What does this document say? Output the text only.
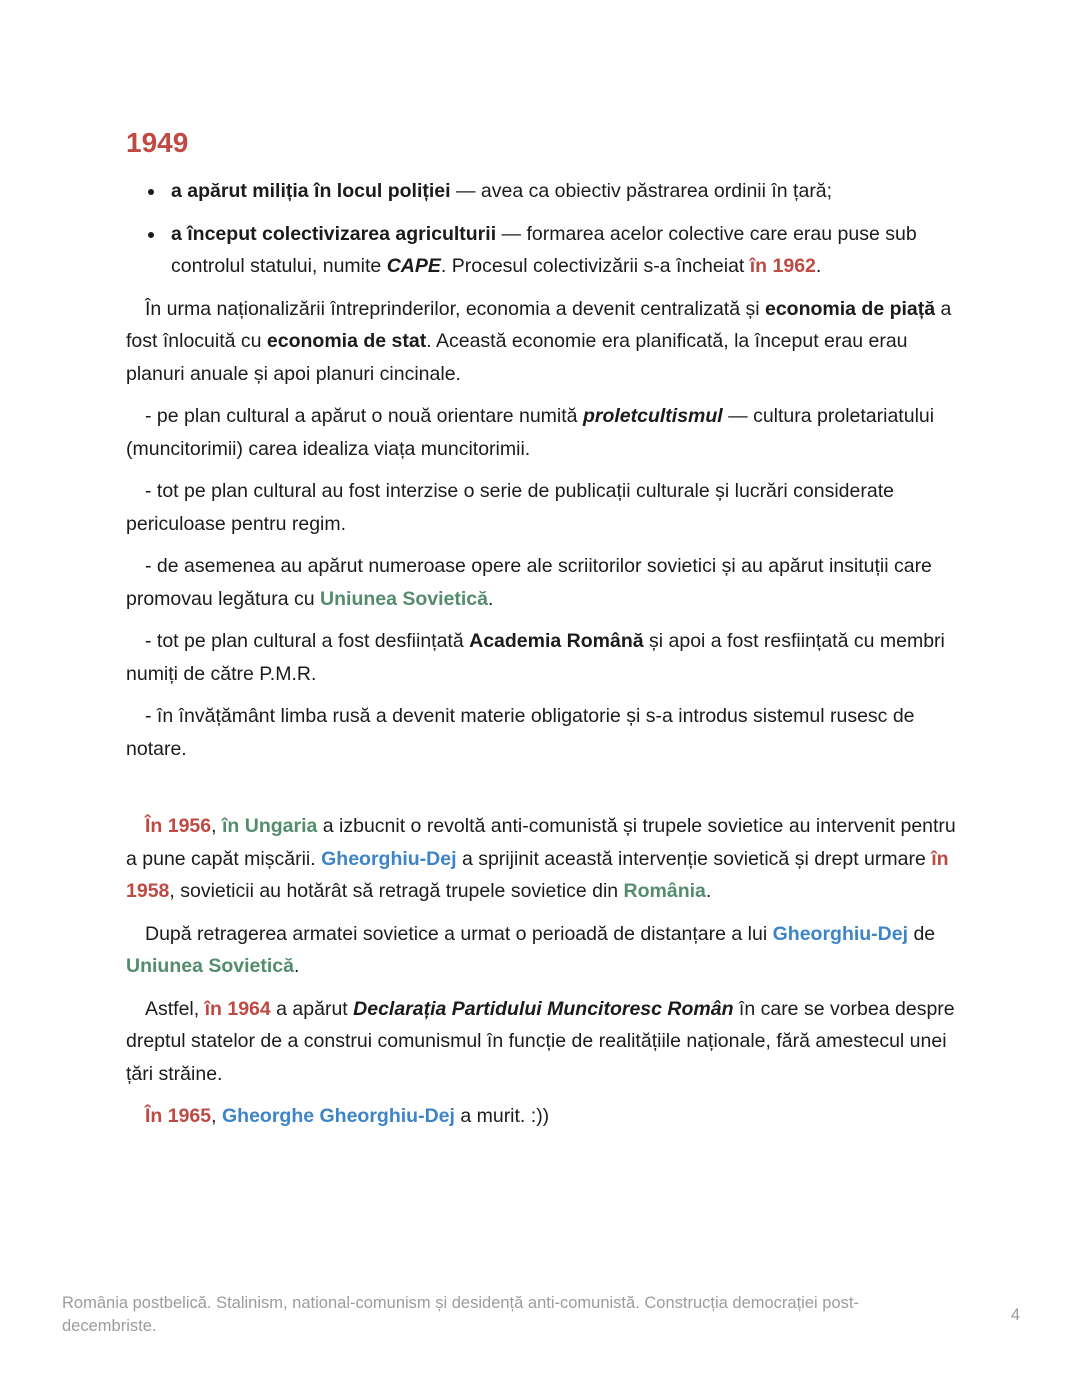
1949
• a apărut miliția în locul poliției — avea ca obiectiv păstrarea ordinii în țară;
• a început colectivizarea agriculturii — formarea acelor colective care erau puse sub controlul statului, numite CAPE. Procesul colectivizării s-a încheiat în 1962.

În urma naționalizării întreprinderilor, economia a devenit centralizată și economia de piață a fost înlocuită cu economia de stat. Această economie era planificată, la început erau erau planuri anuale și apoi planuri cincinale.

- pe plan cultural a apărut o nouă orientare numită proletcultismul — cultura proletariatului (muncitorimii) carea idealiza viața muncitorimii.

- tot pe plan cultural au fost interzise o serie de publicații culturale și lucrări considerate periculoase pentru regim.

- de asemenea au apărut numeroase opere ale scriitorilor sovietici și au apărut insituții care promovau legătura cu Uniunea Sovietică.

- tot pe plan cultural a fost desființată Academia Română și apoi a fost resființată cu membri numiți de către P.M.R.

- în învățământ limba rusă a devenit materie obligatorie și s-a introdus sistemul rusesc de notare.

În 1956, în Ungaria a izbucnit o revoltă anti-comunistă și trupele sovietice au intervenit pentru a pune capăt mișcării. Gheorghiu-Dej a sprijinit această intervenție sovietică și drept urmare în 1958, sovieticii au hotărât să retragă trupele sovietice din România.

După retragerea armatei sovietice a urmat o perioadă de distanțare a lui Gheorghiu-Dej de Uniunea Sovietică.

Astfel, în 1964 a apărut Declarația Partidului Muncitoresc Român în care se vorbea despre dreptul statelor de a construi comunismul în funcție de realitățiile naționale, fără amestecul unei țări străine.

În 1965, Gheorghe Gheorghiu-Dej a murit. :))

România postbelică. Stalinism, national-comunism și desidență anti-comunistă. Construcția democrației post-decembriste.
4
